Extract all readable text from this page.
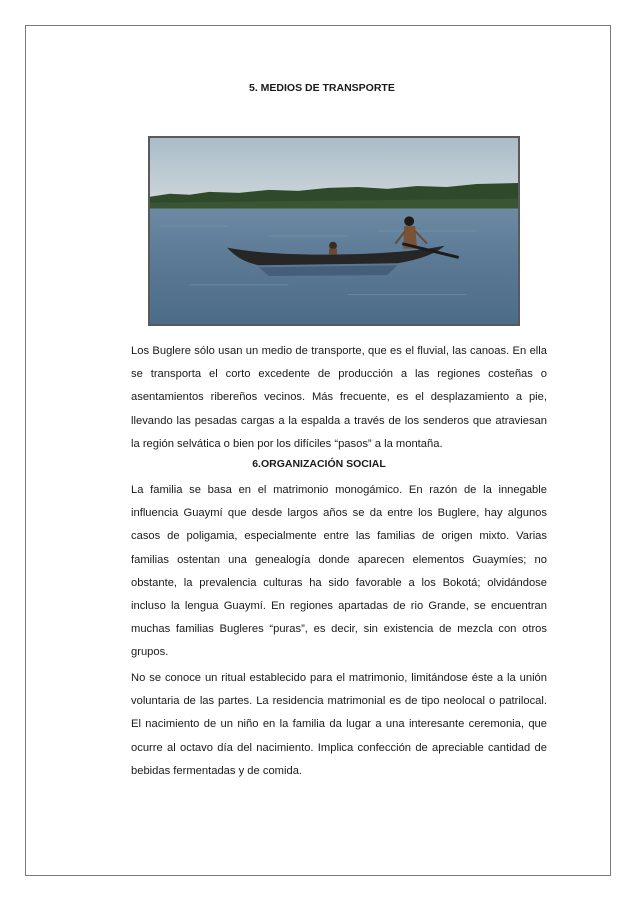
5. MEDIOS DE TRANSPORTE

Los Buglere sólo usan un medio de transporte, que es el fluvial, las canoas. En ella se transporta el corto excedente de producción a las regiones costeñas o asentamientos ribereños vecinos. Más frecuente, es el desplazamiento a pie, llevando las pesadas cargas a la espalda a través de los senderos que atraviesan la región selvática o bien por los difíciles “pasos” a la montaña.

6.ORGANIZACIÓN SOCIAL

La familia se basa en el matrimonio monogámico. En razón de la innegable influencia Guaymí que desde largos años se da entre los Buglere, hay algunos casos de poligamia, especialmente entre las familias de origen mixto. Varias familias ostentan una genealogía donde aparecen elementos Guaymíes; no obstante, la prevalencia culturas ha sido favorable a los Bokotá; olvidándose incluso la lengua Guaymí. En regiones apartadas de rio Grande, se encuentran muchas familias Bugleres “puras”, es decir, sin existencia de mezcla con otros grupos.

No se conoce un ritual establecido para el matrimonio, limitándose éste a la unión voluntaria de las partes. La residencia matrimonial es de tipo neolocal o patrilocal. El nacimiento de un niño en la familia da lugar a una interesante ceremonia, que ocurre al octavo día del nacimiento. Implica confección de apreciable cantidad de bebidas fermentadas y de comida.
